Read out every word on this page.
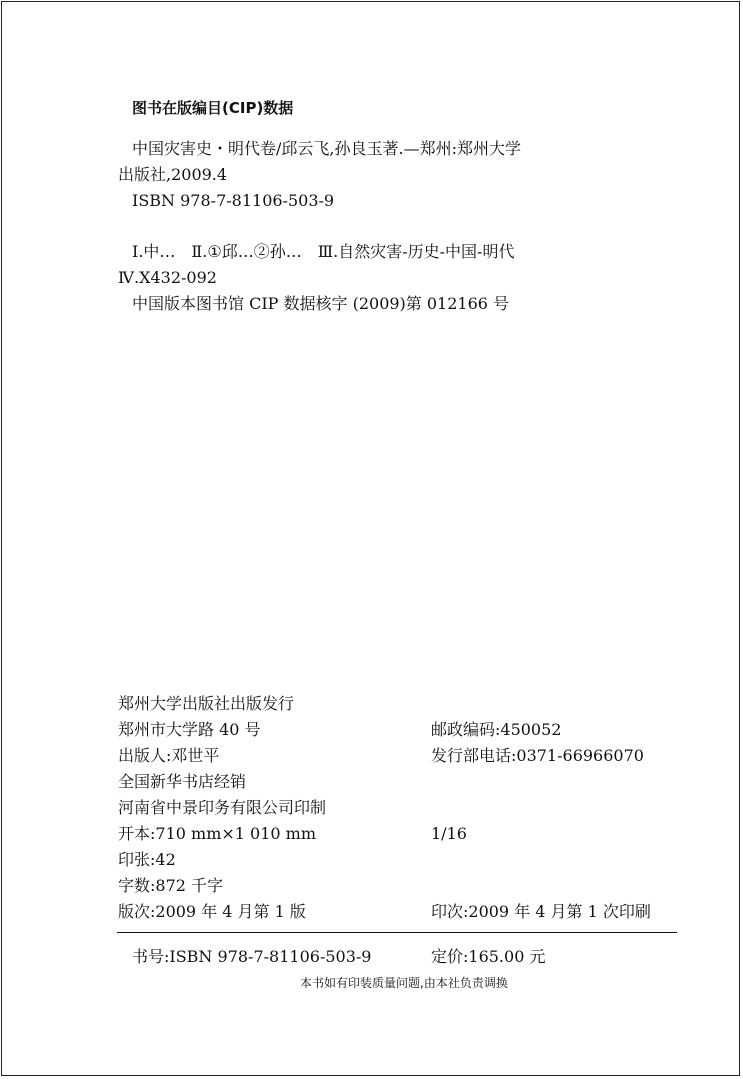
图书在版编目(CIP)数据
中国灾害史・明代卷/邱云飞,孙良玉著.—郑州:郑州大学
出版社,2009.4
ISBN 978-7-81106-503-9
Ⅰ.中…　Ⅱ.①邱…②孙…　Ⅲ.自然灾害-历史-中国-明代
Ⅳ.X432-092
中国版本图书馆 CIP 数据核字 (2009)第 012166 号
郑州大学出版社出版发行
郑州市大学路 40 号	邮政编码:450052
出版人:邓世平	发行部电话:0371-66966070
全国新华书店经销
河南省中景印务有限公司印制
开本:710 mm×1 010 mm	1/16
印张:42
字数:872 千字
版次:2009 年 4 月第 1 版	印次:2009 年 4 月第 1 次印刷
书号:ISBN 978-7-81106-503-9	定价:165.00 元
本书如有印装质量问题,由本社负责调换
